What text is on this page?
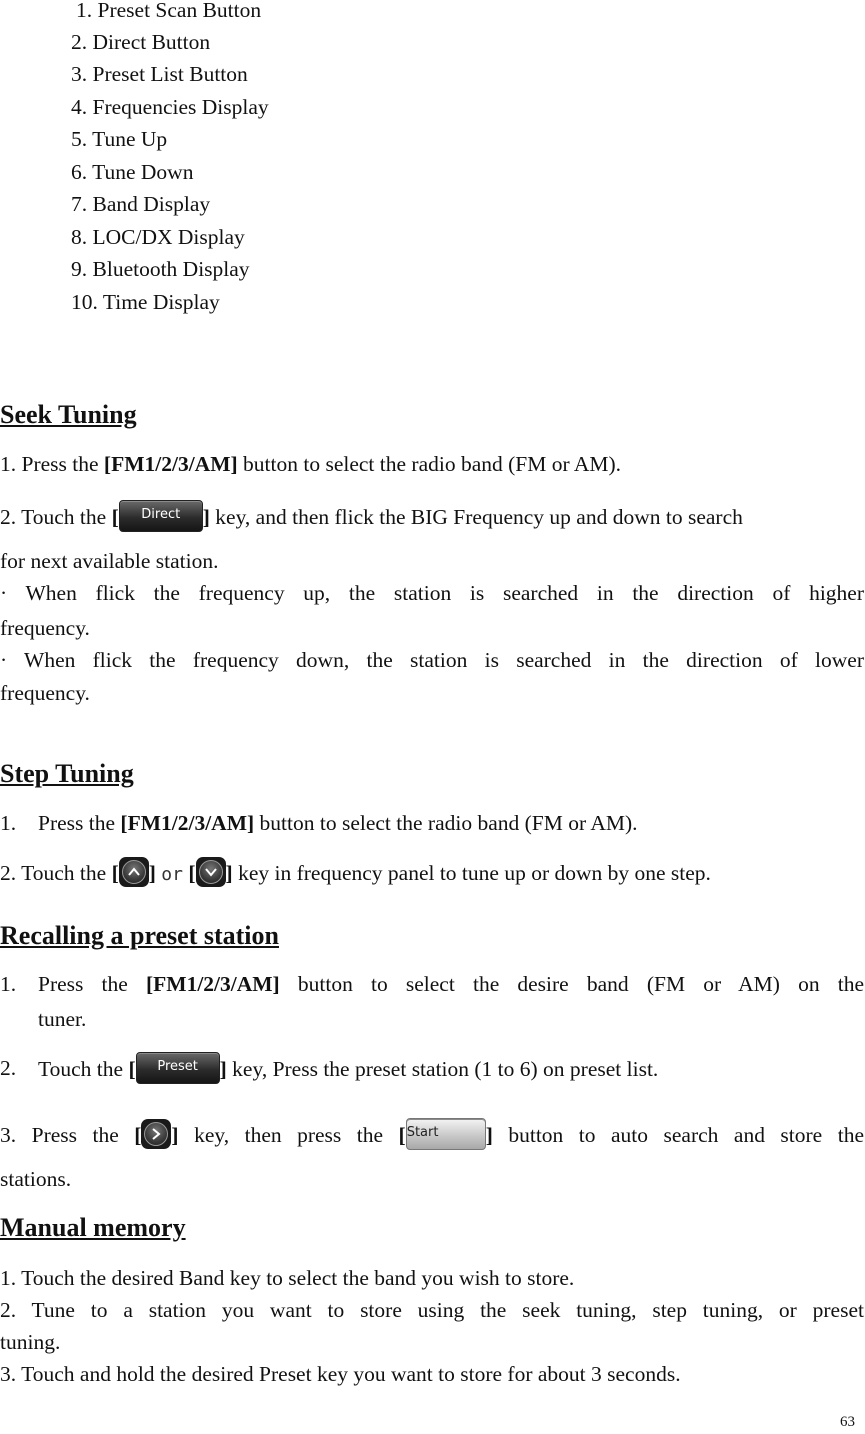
1. Preset Scan Button
2. Direct Button
3. Preset List Button
4. Frequencies Display
5. Tune Up
6. Tune Down
7. Band Display
8. LOC/DX Display
9. Bluetooth Display
10. Time Display
Seek Tuning
1. Press the [FM1/2/3/AM] button to select the radio band (FM or AM).
2. Touch the [ Direct ] key, and then flick the BIG Frequency up and down to search
for next available station.
· When flick the frequency up, the station is searched in the direction of higher
frequency.
· When flick the frequency down, the station is searched in the direction of lower
frequency.
Step Tuning
1. Press the [FM1/2/3/AM] button to select the radio band (FM or AM).
2. Touch the [ ] or [ ] key in frequency panel to tune up or down by one step.
Recalling a preset station
1. Press the [FM1/2/3/AM] button to select the desire band (FM or AM) on the
tuner.
2. Touch the [ Preset ] key, Press the preset station (1 to 6) on preset list.
3. Press the [ ] key, then press the [Start ] button to auto search and store the
stations.
Manual memory
1. Touch the desired Band key to select the band you wish to store.
2. Tune to a station you want to store using the seek tuning, step tuning, or preset
tuning.
3. Touch and hold the desired Preset key you want to store for about 3 seconds.
63
